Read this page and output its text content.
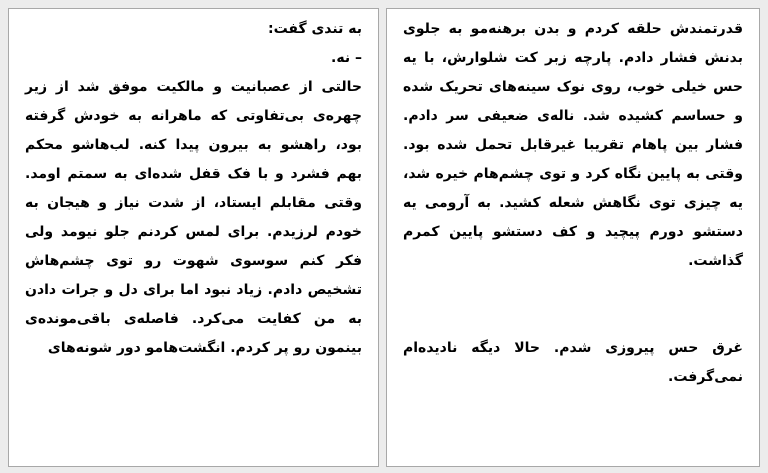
قدرتمندش حلقه کردم و بدن برهنه‌مو به جلوی بدنش فشار دادم. پارچه زبر کت شلوارش، با یه حس خیلی خوب، روی نوک سینه‌های تحریک شده و حساسم کشیده شد. ناله‌ی ضعیفی سر دادم. فشار بین پاهام تقریبا غیرقابل تحمل شده بود. وقتی به پایین نگاه کرد و توی چشم‌هام خیره شد، یه چیزی توی نگاهش شعله کشید. به آرومی یه دستشو دورم پیچید و کف دستشو پایین کمرم گذاشت.

غرق حس پیروزی شدم. حالا دیگه نادیده‌ام نمی‌گرفت.

به تندی گفت:

– نه.

حالتی از عصبانیت و مالکیت موفق شد از زیر چهره‌ی بی‌تفاوتی که ماهرانه به خودش گرفته بود، راهشو به بیرون پیدا کنه. لب‌هاشو محکم بهم فشرد و با فک قفل شده‌ای به سمتم اومد. وقتی مقابلم ایستاد، از شدت نیاز و هیجان به خودم لرزیدم. برای لمس کردنم جلو نیومد ولی فکر کنم سوسوی شهوت رو توی چشم‌هاش تشخیص دادم. زیاد نبود اما برای دل و جرات دادن به من کفایت می‌کرد. فاصله‌ی باقی‌مونده‌ی بینمون رو پر کردم. انگشت‌هامو دور شونه‌های
